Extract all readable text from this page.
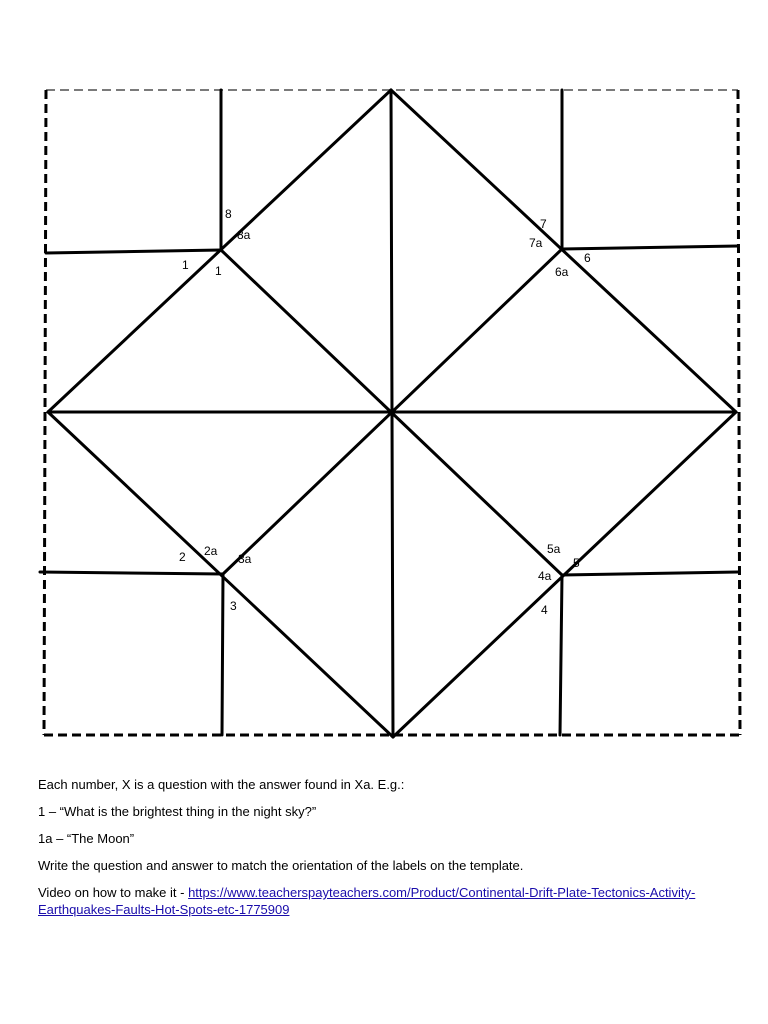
8
8a
1 1
7
7a
6
6a
2 2a
3a
3
5a
5
4a
4

Each number, X is a question with the answer found in Xa. E.g.:

1 – “What is the brightest thing in the night sky?”

1a – “The Moon”

Write the question and answer to match the orientation of the labels on the template.

Video on how to make it - https://www.teacherspayteachers.com/Product/Continental-Drift-Plate-Tectonics-Activity-Earthquakes-Faults-Hot-Spots-etc-1775909
